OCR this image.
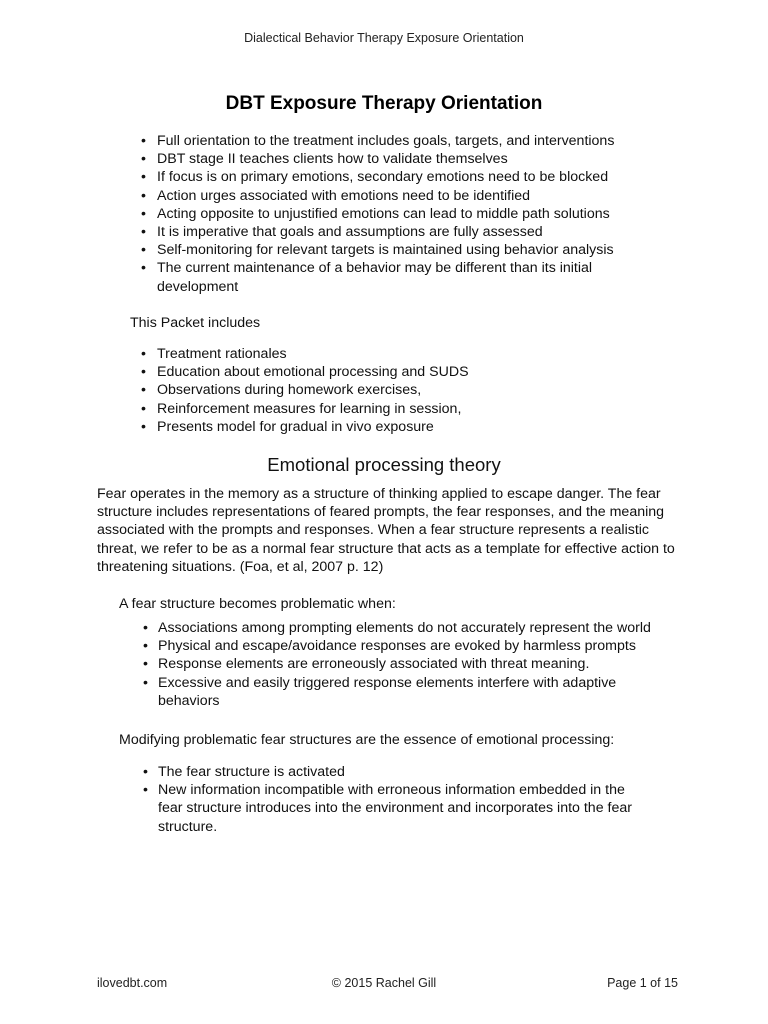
Dialectical Behavior Therapy Exposure Orientation
DBT Exposure Therapy Orientation
• Full orientation to the treatment includes goals, targets, and interventions
• DBT stage II teaches clients how to validate themselves
• If focus is on primary emotions, secondary emotions need to be blocked
• Action urges associated with emotions need to be identified
• Acting opposite to unjustified emotions can lead to middle path solutions
• It is imperative that goals and assumptions are fully assessed
• Self-monitoring for relevant targets is maintained using behavior analysis
• The current maintenance of a behavior may be different than its initial development

This Packet includes

• Treatment rationales
• Education about emotional processing and SUDS
• Observations during homework exercises,
• Reinforcement measures for learning in session,
• Presents model for gradual in vivo exposure
Emotional processing theory

Fear operates in the memory as a structure of thinking applied to escape danger. The fear structure includes representations of feared prompts, the fear responses, and the meaning associated with the prompts and responses. When a fear structure represents a realistic threat, we refer to be as a normal fear structure that acts as a template for effective action to threatening situations. (Foa, et al, 2007 p. 12)

A fear structure becomes problematic when:

• Associations among prompting elements do not accurately represent the world
• Physical and escape/avoidance responses are evoked by harmless prompts
• Response elements are erroneously associated with threat meaning.
• Excessive and easily triggered response elements interfere with adaptive behaviors

Modifying problematic fear structures are the essence of emotional processing:

• The fear structure is activated
• New information incompatible with erroneous information embedded in the fear structure introduces into the environment and incorporates into the fear structure.
ilovedbt.com	© 2015 Rachel Gill	Page 1 of 15
